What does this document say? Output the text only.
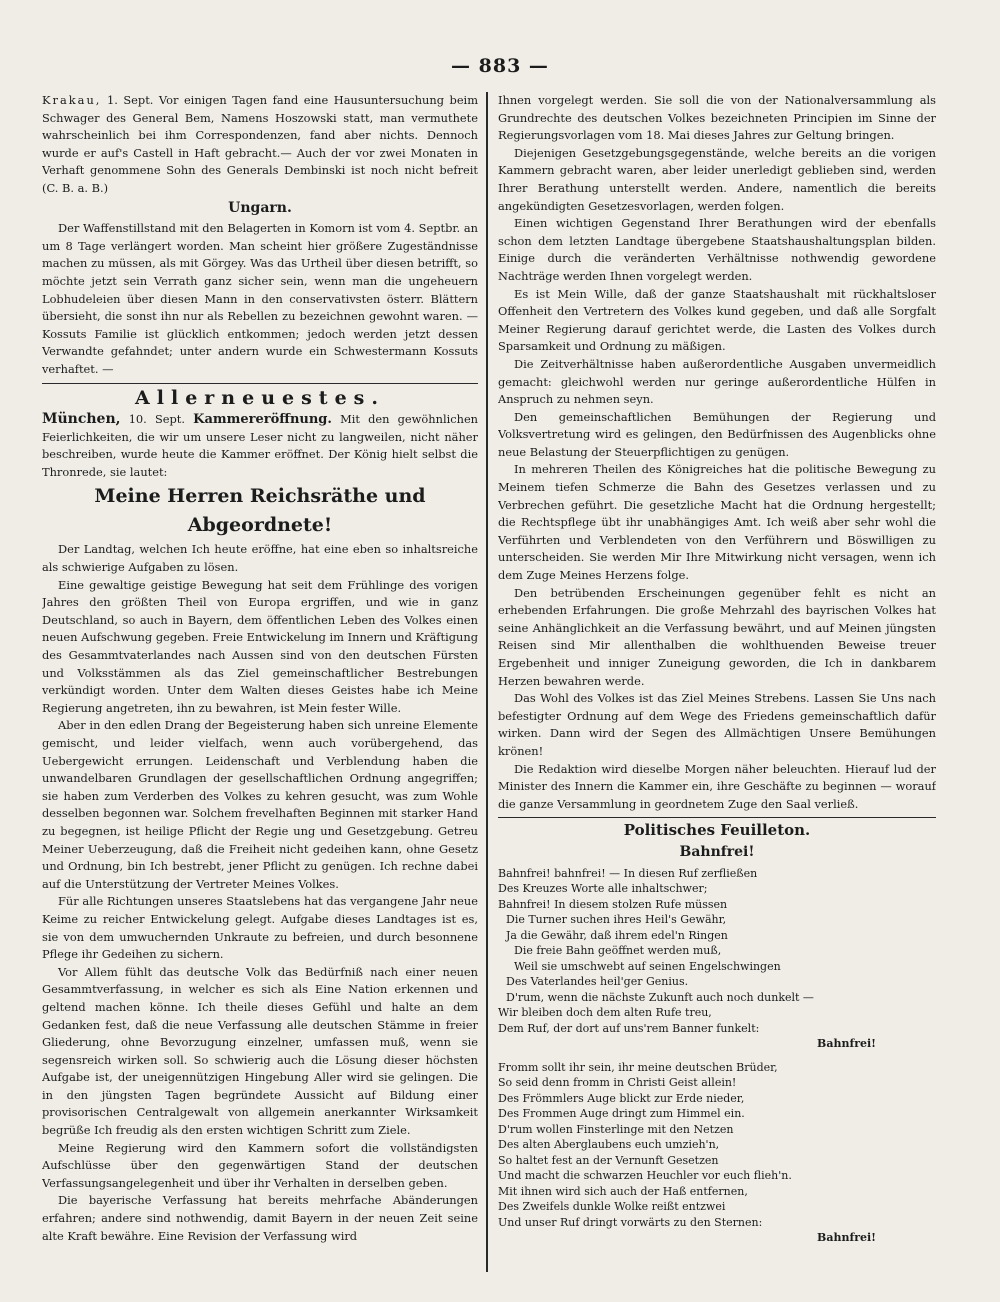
— 883 —

Krakau, 1. Sept. Vor einigen Tagen fand eine Hausuntersuchung beim Schwager des General Bem, Namens Hoszowski statt, man vermuthete wahrscheinlich bei ihm Correspondenzen, fand aber nichts. Dennoch wurde er auf's Castell in Haft gebracht.— Auch der vor zwei Monaten in Verhaft genommene Sohn des Generals Dembinski ist noch nicht befreit (C. B. a. B.)

Ungarn.

Der Waffenstillstand mit den Belagerten in Komorn ist vom 4. Septbr. an um 8 Tage verlängert worden. Man scheint hier größere Zugeständnisse machen zu müssen, als mit Görgey. Was das Urtheil über diesen betrifft, so möchte jetzt sein Verrath ganz sicher sein, wenn man die ungeheuern Lobhudeleien über diesen Mann in den conservativsten österr. Blättern übersieht, die sonst ihn nur als Rebellen zu bezeichnen gewohnt waren. — Kossuts Familie ist glücklich entkommen; jedoch werden jetzt dessen Verwandte gefahndet; unter andern wurde ein Schwestermann Kossuts verhaftet. —

Allerneuestes.

München, 10. Sept. Kammereröffnung. Mit den gewöhnlichen Feierlichkeiten, die wir um unsere Leser nicht zu langweilen, nicht näher beschreiben, wurde heute die Kammer eröffnet. Der König hielt selbst die Thronrede, sie lautet:

Meine Herren Reichsräthe und
Abgeordnete!

Der Landtag, welchen Ich heute eröffne, hat eine eben so inhaltsreiche als schwierige Aufgaben zu lösen.

Eine gewaltige geistige Bewegung hat seit dem Frühlinge des vorigen Jahres den größten Theil von Europa ergriffen, und wie in ganz Deutschland, so auch in Bayern, dem öffentlichen Leben des Volkes einen neuen Aufschwung gegeben. Freie Entwickelung im Innern und Kräftigung des Gesammtvaterlandes nach Aussen sind von den deutschen Fürsten und Volksstämmen als das Ziel gemeinschaftlicher Bestrebungen verkündigt worden. Unter dem Walten dieses Geistes habe ich Meine Regierung angetreten, ihn zu bewahren, ist Mein fester Wille.

Aber in den edlen Drang der Begeisterung haben sich unreine Elemente gemischt, und leider vielfach, wenn auch vorübergehend, das Uebergewicht errungen. Leidenschaft und Verblendung haben die unwandelbaren Grundlagen der gesellschaftlichen Ordnung angegriffen; sie haben zum Verderben des Volkes zu kehren gesucht, was zum Wohle desselben begonnen war. Solchem frevelhaften Beginnen mit starker Hand zu begegnen, ist heilige Pflicht der Regie ung und Gesetzgebung. Getreu Meiner Ueberzeugung, daß die Freiheit nicht gedeihen kann, ohne Gesetz und Ordnung, bin Ich bestrebt, jener Pflicht zu genügen. Ich rechne dabei auf die Unterstützung der Vertreter Meines Volkes.

Für alle Richtungen unseres Staatslebens hat das vergangene Jahr neue Keime zu reicher Entwickelung gelegt. Aufgabe dieses Landtages ist es, sie von dem umwuchernden Unkraute zu befreien, und durch besonnene Pflege ihr Gedeihen zu sichern.

Vor Allem fühlt das deutsche Volk das Bedürfniß nach einer neuen Gesammtverfassung, in welcher es sich als Eine Nation erkennen und geltend machen könne. Ich theile dieses Gefühl und halte an dem Gedanken fest, daß die neue Verfassung alle deutschen Stämme in freier Gliederung, ohne Bevorzugung einzelner, umfassen muß, wenn sie segensreich wirken soll. So schwierig auch die Lösung dieser höchsten Aufgabe ist, der uneigennützigen Hingebung Aller wird sie gelingen. Die in den jüngsten Tagen begründete Aussicht auf Bildung einer provisorischen Centralgewalt von allgemein anerkannter Wirksamkeit begrüße Ich freudig als den ersten wichtigen Schritt zum Ziele.

Meine Regierung wird den Kammern sofort die vollständigsten Aufschlüsse über den gegenwärtigen Stand der deutschen Verfassungsangelegenheit und über ihr Verhalten in derselben geben.

Die bayerische Verfassung hat bereits mehrfache Abänderungen erfahren; andere sind nothwendig, damit Bayern in der neuen Zeit seine alte Kraft bewähre. Eine Revision der Verfassung wird

Ihnen vorgelegt werden. Sie soll die von der Nationalversammlung als Grundrechte des deutschen Volkes bezeichneten Principien im Sinne der Regierungsvorlagen vom 18. Mai dieses Jahres zur Geltung bringen.

Diejenigen Gesetzgebungsgegenstände, welche bereits an die vorigen Kammern gebracht waren, aber leider unerledigt geblieben sind, werden Ihrer Berathung unterstellt werden. Andere, namentlich die bereits angekündigten Gesetzesvorlagen, werden folgen.

Einen wichtigen Gegenstand Ihrer Berathungen wird der ebenfalls schon dem letzten Landtage übergebene Staatshaushaltungsplan bilden. Einige durch die veränderten Verhältnisse nothwendig gewordene Nachträge werden Ihnen vorgelegt werden.

Es ist Mein Wille, daß der ganze Staatshaushalt mit rückhaltsloser Offenheit den Vertretern des Volkes kund gegeben, und daß alle Sorgfalt Meiner Regierung darauf gerichtet werde, die Lasten des Volkes durch Sparsamkeit und Ordnung zu mäßigen.

Die Zeitverhältnisse haben außerordentliche Ausgaben unvermeidlich gemacht: gleichwohl werden nur geringe außerordentliche Hülfen in Anspruch zu nehmen seyn.

Den gemeinschaftlichen Bemühungen der Regierung und Volksvertretung wird es gelingen, den Bedürfnissen des Augenblicks ohne neue Belastung der Steuerpflichtigen zu genügen.

In mehreren Theilen des Königreiches hat die politische Bewegung zu Meinem tiefen Schmerze die Bahn des Gesetzes verlassen und zu Verbrechen geführt. Die gesetzliche Macht hat die Ordnung hergestellt; die Rechtspflege übt ihr unabhängiges Amt. Ich weiß aber sehr wohl die Verführten und Verblendeten von den Verführern und Böswilligen zu unterscheiden. Sie werden Mir Ihre Mitwirkung nicht versagen, wenn ich dem Zuge Meines Herzens folge.

Den betrübenden Erscheinungen gegenüber fehlt es nicht an erhebenden Erfahrungen. Die große Mehrzahl des bayrischen Volkes hat seine Anhänglichkeit an die Verfassung bewährt, und auf Meinen jüngsten Reisen sind Mir allenthalben die wohlthuenden Beweise treuer Ergebenheit und inniger Zuneigung geworden, die Ich in dankbarem Herzen bewahren werde.

Das Wohl des Volkes ist das Ziel Meines Strebens. Lassen Sie Uns nach befestigter Ordnung auf dem Wege des Friedens gemeinschaftlich dafür wirken. Dann wird der Segen des Allmächtigen Unsere Bemühungen krönen!

Die Redaktion wird dieselbe Morgen näher beleuchten. Hierauf lud der Minister des Innern die Kammer ein, ihre Geschäfte zu beginnen — worauf die ganze Versammlung in geordnetem Zuge den Saal verließ.

Politisches Feuilleton.
Bahnfrei!
Bahnfrei! bahnfrei! — In diesen Ruf zerfließen
Des Kreuzes Worte alle inhaltschwer;
Bahnfrei! In diesem stolzen Rufe müssen
Die Turner suchen ihres Heil's Gewähr,
Ja die Gewähr, daß ihrem edel'n Ringen
Die freie Bahn geöffnet werden muß,
Weil sie umschwebt auf seinen Engelschwingen
Des Vaterlandes heil'ger Genius.
D'rum, wenn die nächste Zukunft auch noch dunkelt —
Wir bleiben doch dem alten Rufe treu,
Dem Ruf, der dort auf uns'rem Banner funkelt:
Bahnfrei!
Fromm sollt ihr sein, ihr meine deutschen Brüder,
So seid denn fromm in Christi Geist allein!
Des Frömmlers Auge blickt zur Erde nieder,
Des Frommen Auge dringt zum Himmel ein.
D'rum wollen Finsterlinge mit den Netzen
Des alten Aberglaubens euch umzieh'n,
So haltet fest an der Vernunft Gesetzen
Und macht die schwarzen Heuchler vor euch flieh'n.
Mit ihnen wird sich auch der Haß entfernen,
Des Zweifels dunkle Wolke reißt entzwei
Und unser Ruf dringt vorwärts zu den Sternen:
Bahnfrei!
